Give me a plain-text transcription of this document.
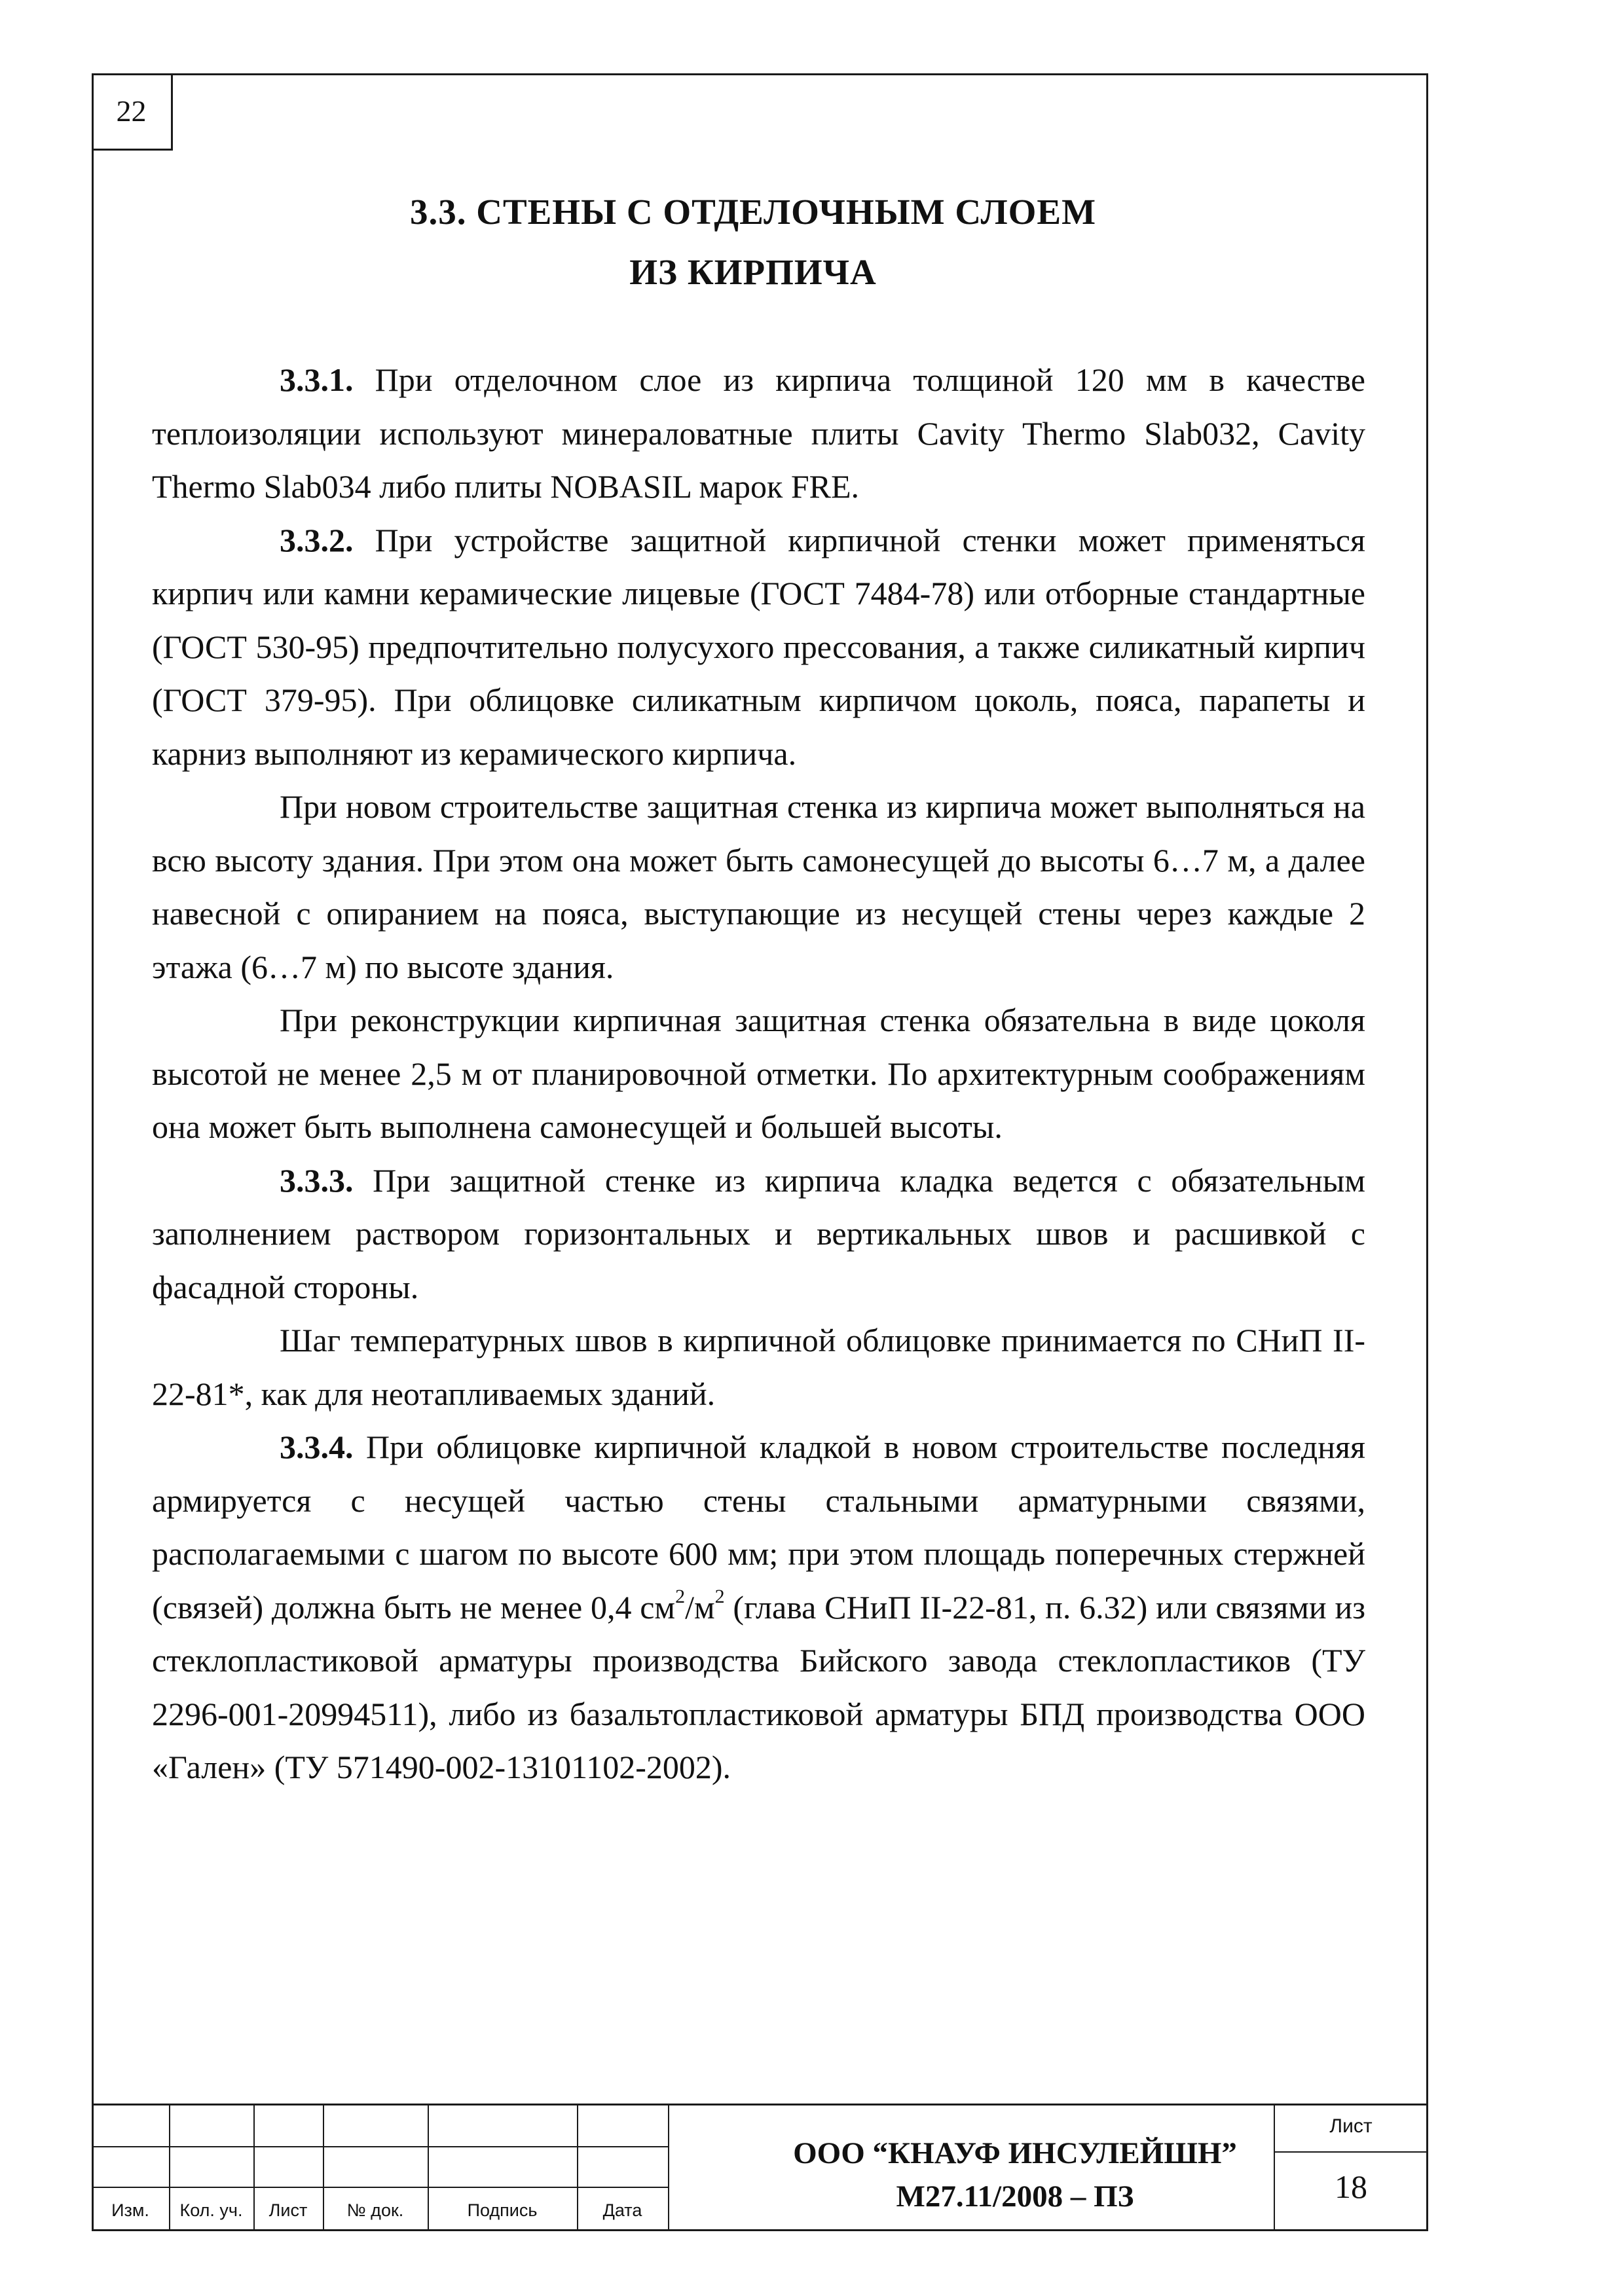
22
3.3. СТЕНЫ С ОТДЕЛОЧНЫМ СЛОЕМ
ИЗ КИРПИЧА

3.3.1. При отделочном слое из кирпича толщиной 120 мм в качестве теплоизоляции используют минераловатные плиты Cavity Thermo Slab032, Cavity Thermo Slab034 либо плиты NOBASIL марок FRE.

3.3.2. При устройстве защитной кирпичной стенки может применяться кирпич или камни керамические лицевые (ГОСТ 7484-78) или отборные стандартные (ГОСТ 530-95) предпочтительно полусухого прессования, а также силикатный кирпич (ГОСТ 379-95). При облицовке силикатным кирпичом цоколь, пояса, парапеты и карниз выполняют из керамического кирпича.

При новом строительстве защитная стенка из кирпича может выполняться на всю высоту здания. При этом она может быть самонесущей до высоты 6…7 м, а далее навесной с опиранием на пояса, выступающие из несущей стены через каждые 2 этажа (6…7 м) по высоте здания.

При реконструкции кирпичная защитная стенка обязательна в виде цоколя высотой не менее 2,5 м от планировочной отметки. По архитектурным соображениям она может быть выполнена самонесущей и большей высоты.

3.3.3. При защитной стенке из кирпича кладка ведется с обязательным заполнением раствором горизонтальных и вертикальных швов и расшивкой с фасадной стороны.

Шаг температурных швов в кирпичной облицовке принимается по СНиП II-22-81*, как для неотапливаемых зданий.

3.3.4. При облицовке кирпичной кладкой в новом строительстве последняя армируется с несущей частью стены стальными арматурными связями, располагаемыми с шагом по высоте 600 мм; при этом площадь поперечных стержней (связей) должна быть не менее 0,4 $см^2/м^2$ (глава СНиП II-22-81, п. 6.32) или связями из стеклопластиковой арматуры производства Бийского завода стеклопластиков (ТУ 2296-001-20994511), либо из базальтопластиковой арматуры БПД производства ООО «Гален» (ТУ 571490-002-13101102-2002).

Изм.	Кол. уч.	Лист	№ док.	Подпись	Дата
ООО “КНАУФ ИНСУЛЕЙШН”
М27.11/2008 – ПЗ
Лист
18
